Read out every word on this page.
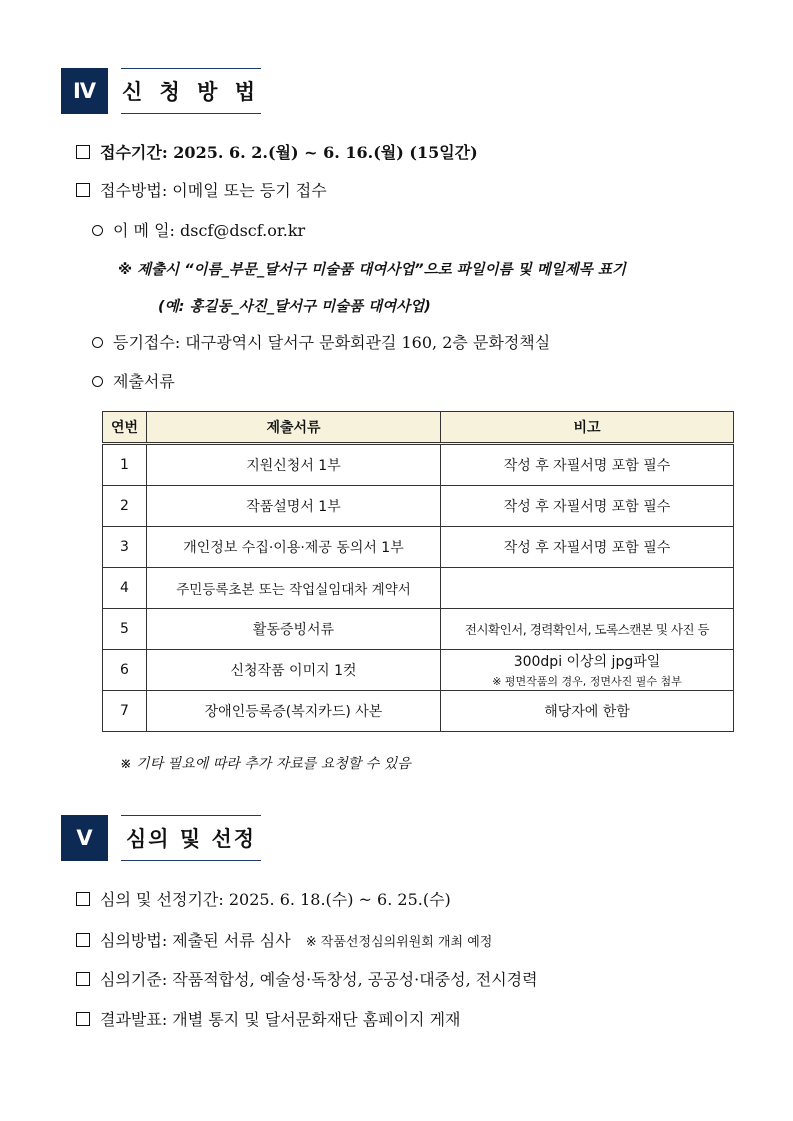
Ⅳ	신 청 방 법
접수기간: 2025. 6. 2.(월) ~ 6. 16.(월) (15일간)
접수방법: 이메일 또는 등기 접수
이 메 일: dscf@dscf.or.kr
※ 제출시 “이름_부문_달서구 미술품 대여사업”으로 파일이름 및 메일제목 표기
(예: 홍길동_사진_달서구 미술품 대여사업)
등기접수: 대구광역시 달서구 문화회관길 160, 2층 문화정책실
제출서류
연번	제출서류	비고
1	지원신청서 1부	작성 후 자필서명 포함 필수
2	작품설명서 1부	작성 후 자필서명 포함 필수
3	개인정보 수집·이용·제공 동의서 1부	작성 후 자필서명 포함 필수
4	주민등록초본 또는 작업실임대차 계약서	
5	활동증빙서류	전시확인서, 경력확인서, 도록스캔본 및 사진 등
6	신청작품 이미지 1컷	300dpi 이상의 jpg파일
※ 평면작품의 경우, 정면사진 필수 첨부

7	장애인등록증(복지카드) 사본	해당자에 한함
※ 기타 필요에 따라 추가 자료를 요청할 수 있음
Ⅴ	심의 및 선정
심의 및 선정기간: 2025. 6. 18.(수) ~ 6. 25.(수)
심의방법: 제출된 서류 심사 ※ 작품선정심의위원회 개최 예정
심의기준: 작품적합성, 예술성·독창성, 공공성·대중성, 전시경력
결과발표: 개별 통지 및 달서문화재단 홈페이지 게재
